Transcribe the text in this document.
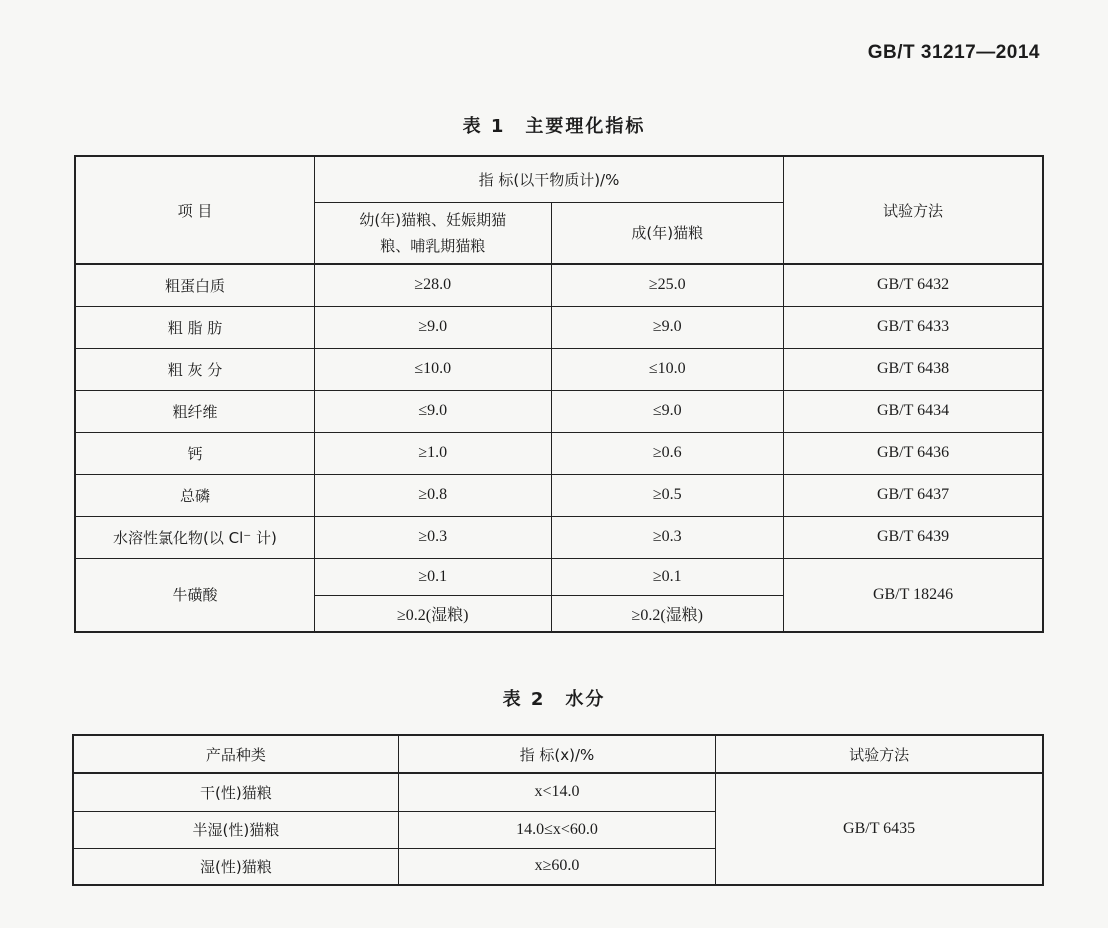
GB/T 31217—2014
表 1　主要理化指标
项 目	指 标(以干物质计)/%		试验方法
	幼(年)猫粮、妊娠期猫粮、哺乳期猫粮	成(年)猫粮	
粗蛋白质	≥28.0	≥25.0	GB/T 6432
粗 脂 肪	≥9.0	≥9.0	GB/T 6433
粗 灰 分	≤10.0	≤10.0	GB/T 6438
粗纤维	≤9.0	≤9.0	GB/T 6434
钙	≥1.0	≥0.6	GB/T 6436
总磷	≥0.8	≥0.5	GB/T 6437
水溶性氯化物(以 Cl⁻ 计)	≥0.3	≥0.3	GB/T 6439
牛磺酸	≥0.1	≥0.1	GB/T 18246
	≥0.2(湿粮)	≥0.2(湿粮)	
表 2　水分
产品种类	指 标(x)/%	试验方法
干(性)猫粮	x<14.0	GB/T 6435
半湿(性)猫粮	14.0≤x<60.0	
湿(性)猫粮	x≥60.0	
